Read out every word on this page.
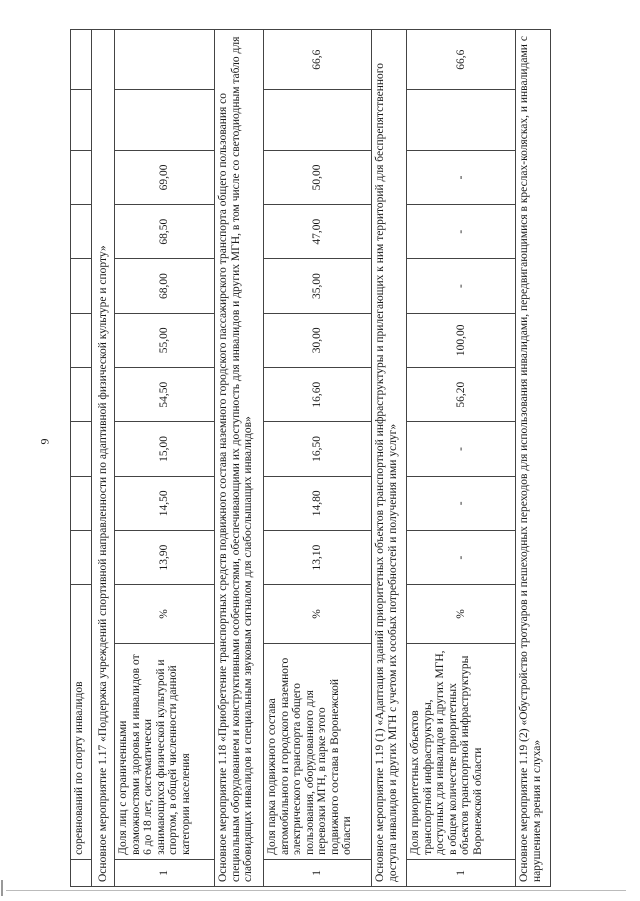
9
	соревнований по спорту инвалидов											
Основное мероприятие 1.17 «Поддержка учреждений спортивной направленности по адаптивной физической культуре и спорту»												
1	Доля лиц с ограниченными возможностями здоровья и инвалидов от 6 до 18 лет, систематически занимающихся физической культурой и спортом, в общей численности данной категории населения	%	13,90	14,50	15,00	54,50	55,00	68,00	68,50	69,00		
Основное мероприятие 1.18 «Приобретение транспортных средств подвижного состава наземного городского пассажирского транспорта общего пользования со специальным оборудованием и конструктивными особенностями, обеспечивающими их доступность для инвалидов и других МГН, в том числе со светодиодным табло для слабовидящих инвалидов и специальным звуковым сигналом для слабослышащих инвалидов»												
1	Доля парка подвижного состава автомобильного и городского наземного электрического транспорта общего пользования, оборудованного для перевозки МГН, в парке этого подвижного состава в Воронежской области	%	13,10	14,80	16,50	16,60	30,00	35,00	47,00	50,00		66,6
Основное мероприятие 1.19 (1) «Адаптация зданий приоритетных объектов транспортной инфраструктуры и прилегающих к ним территорий для беспрепятственного доступа инвалидов и других МГН с учетом их особых потребностей и получения ими услуг»												
1	Доля приоритетных объектов транспортной инфраструктуры, доступных для инвалидов и других МГН, в общем количестве приоритетных объектов транспортной инфраструктуры Воронежской области	%	-	-	-	56,20	100,00	-	-	-		66,6
Основное мероприятие 1.19 (2) «Обустройство тротуаров и пешеходных переходов для использования инвалидами, передвигающимися в креслах-колясках, и инвалидами с нарушением зрения и слуха»												
